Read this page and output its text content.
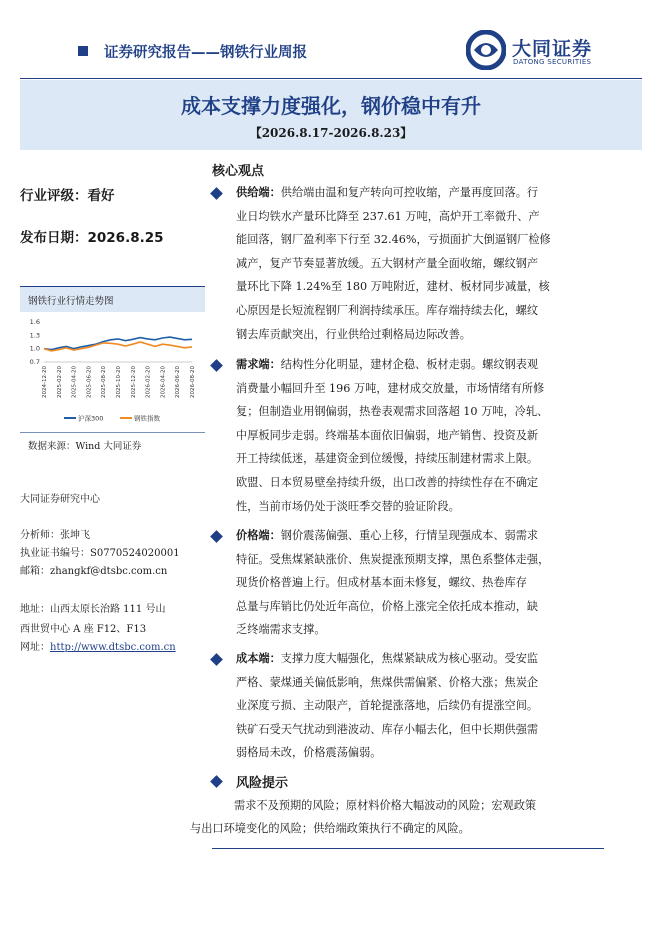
证券研究报告——钢铁行业周报	大同证券
DATONG SECURITIES
成本支撑力度强化，钢价稳中有升
【2026.8.17-2026.8.23】
行业评级：看好
发布日期：2026.8.25
钢铁行业行情走势图
0.7
1.0
1.3
1.6
2024-12-20 2025-02-20 2025-04-20 2025-06-20 2025-08-20 2025-10-20 2025-12-20 2026-02-20 2026-04-20 2026-06-20 2026-08-20
沪深300	钢铁指数
数据来源：Wind 大同证券
大同证券研究中心
分析师：张坤飞
执业证书编号：S0770524020001
邮箱：zhangkf@dtsbc.com.cn
地址：山西太原长治路 111 号山
西世贸中心 A 座 F12、F13
网址：http://www.dtsbc.com.cn
核心观点
供给端：供给端由温和复产转向可控收缩，产量再度回落。行
业日均铁水产量环比降至 237.61 万吨，高炉开工率微升、产
能回落，钢厂盈利率下行至 32.46%，亏损面扩大倒逼钢厂检修
减产，复产节奏显著放缓。五大钢材产量全面收缩，螺纹钢产
量环比下降 1.24%至 180 万吨附近，建材、板材同步减量，核
心原因是长短流程钢厂利润持续承压。库存端持续去化，螺纹
钢去库贡献突出，行业供给过剩格局边际改善。
需求端：结构性分化明显，建材企稳、板材走弱。螺纹钢表观
消费量小幅回升至 196 万吨，建材成交放量，市场情绪有所修
复；但制造业用钢偏弱，热卷表观需求回落超 10 万吨，冷轧、
中厚板同步走弱。终端基本面依旧偏弱，地产销售、投资及新
开工持续低迷，基建资金到位缓慢，持续压制建材需求上限。
欧盟、日本贸易壁垒持续升级，出口改善的持续性存在不确定
性，当前市场仍处于淡旺季交替的验证阶段。
价格端：钢价震荡偏强、重心上移，行情呈现强成本、弱需求
特征。受焦煤紧缺涨价、焦炭提涨预期支撑，黑色系整体走强，
现货价格普遍上行。但成材基本面未修复，螺纹、热卷库存
总量与库销比仍处近年高位，价格上涨完全依托成本推动，缺
乏终端需求支撑。
成本端：支撑力度大幅强化，焦煤紧缺成为核心驱动。受安监
严格、蒙煤通关偏低影响，焦煤供需偏紧、价格大涨；焦炭企
业深度亏损、主动限产，首轮提涨落地，后续仍有提涨空间。
铁矿石受天气扰动到港波动、库存小幅去化，但中长期供强需
弱格局未改，价格震荡偏弱。
风险提示
需求不及预期的风险；原材料价格大幅波动的风险；宏观政策
与出口环境变化的风险；供给端政策执行不确定的风险。
